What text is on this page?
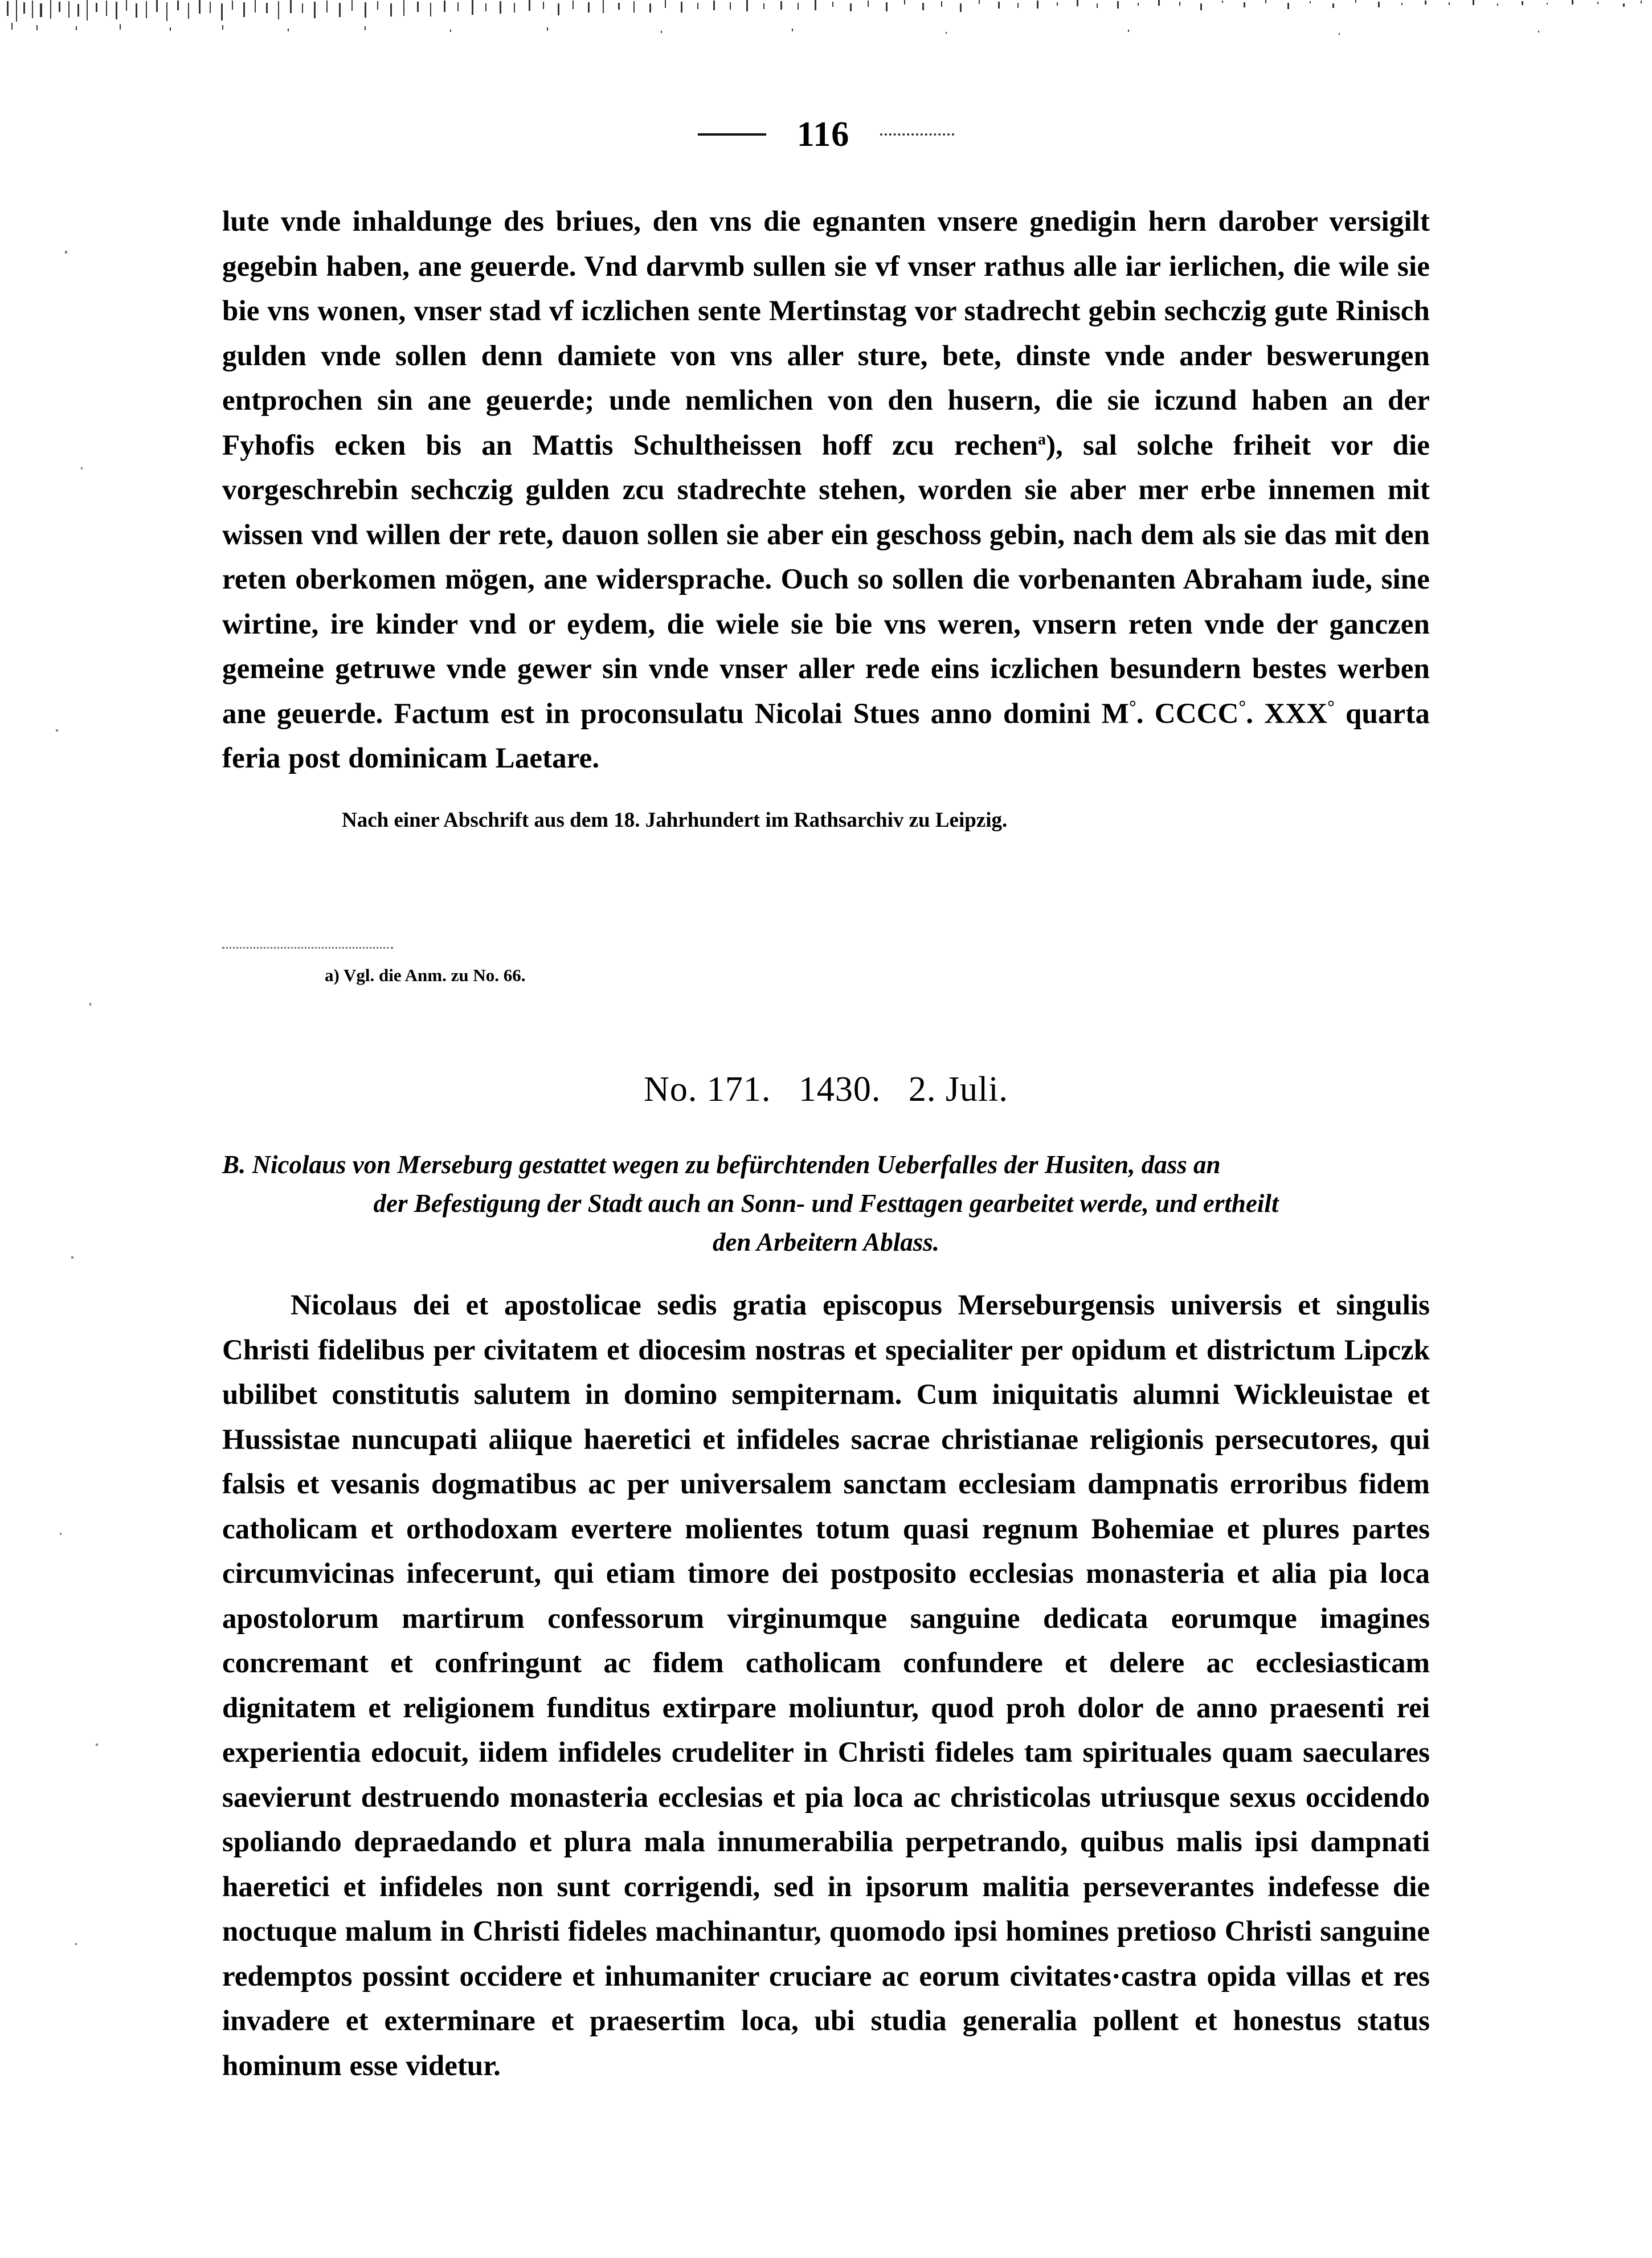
116

lute vnde inhaldunge des briues, den vns die egnanten vnsere gnedigin hern darober versigilt gegebin haben, ane geuerde. Vnd darvmb sullen sie vf vnser rathus alle iar ierlichen, die wile sie bie vns wonen, vnser stad vf iczlichen sente Mertinstag vor stadrecht gebin sechczig gute Rinisch gulden vnde sollen denn damiete von vns aller sture, bete, dinste vnde ander beswerungen entprochen sin ane geuerde; unde nemlichen von den husern, die sie iczund haben an der Fyhofis ecken bis an Mattis Schultheissen hoff zcu rechen$^a$), sal solche friheit vor die vorgeschrebin sechczig gulden zcu stadrechte stehen, worden sie aber mer erbe innemen mit wissen vnd willen der rete, dauon sollen sie aber ein geschoss gebin, nach dem als sie das mit den reten oberkomen mögen, ane widersprache. Ouch so sollen die vorbenanten Abraham iude, sine wirtine, ire kinder vnd or eydem, die wiele sie bie vns weren, vnsern reten vnde der ganczen gemeine getruwe vnde gewer sin vnde vnser aller rede eins iczlichen besundern bestes werben ane geuerde. Factum est in proconsulatu Nicolai Stues anno domini M°. CCCC°. XXX° quarta feria post dominicam Laetare.

Nach einer Abschrift aus dem 18. Jahrhundert im Rathsarchiv zu Leipzig.

a) Vgl. die Anm. zu No. 66.

No. 171. 1430. 2. Juli.
B. Nicolaus von Merseburg gestattet wegen zu befürchtenden Ueberfalles der Husiten, dass an
der Befestigung der Stadt auch an Sonn- und Festtagen gearbeitet werde, und ertheilt
den Arbeitern Ablass.

Nicolaus dei et apostolicae sedis gratia episcopus Merseburgensis universis et singulis Christi fidelibus per civitatem et diocesim nostras et specialiter per opidum et districtum Lipczk ubilibet constitutis salutem in domino sempiternam. Cum iniquitatis alumni Wickleuistae et Hussistae nuncupati aliique haeretici et infideles sacrae christianae religionis persecutores, qui falsis et vesanis dogmatibus ac per universalem sanctam ecclesiam dampnatis erroribus fidem catholicam et orthodoxam evertere molientes totum quasi regnum Bohemiae et plures partes circumvicinas infecerunt, qui etiam timore dei postposito ecclesias monasteria et alia pia loca apostolorum martirum confessorum virginumque sanguine dedicata eorumque imagines concremant et confringunt ac fidem catholicam confundere et delere ac ecclesiasticam dignitatem et religionem funditus extirpare moliuntur, quod proh dolor de anno praesenti rei experientia edocuit, iidem infideles crudeliter in Christi fideles tam spirituales quam saeculares saevierunt destruendo monasteria ecclesias et pia loca ac christicolas utriusque sexus occidendo spoliando depraedando et plura mala innumerabilia perpetrando, quibus malis ipsi dampnati haeretici et infideles non sunt corrigendi, sed in ipsorum malitia perseverantes indefesse die noctuque malum in Christi fideles machinantur, quomodo ipsi homines pretioso Christi sanguine redemptos possint occidere et inhumaniter cruciare ac eorum civitates·castra opida villas et res invadere et exterminare et praesertim loca, ubi studia generalia pollent et honestus status hominum esse videtur.
